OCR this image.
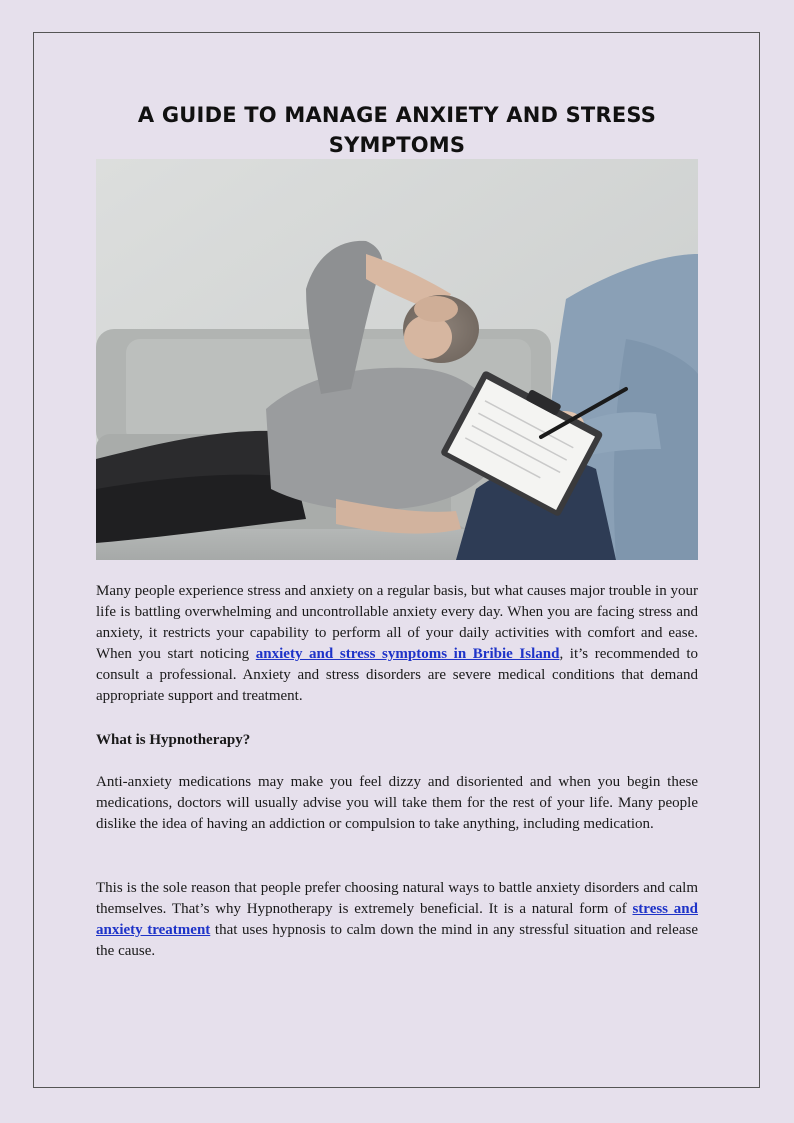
A GUIDE TO MANAGE ANXIETY AND STRESS SYMPTOMS

Many people experience stress and anxiety on a regular basis, but what causes major trouble in your life is battling overwhelming and uncontrollable anxiety every day. When you are facing stress and anxiety, it restricts your capability to perform all of your daily activities with comfort and ease. When you start noticing anxiety and stress symptoms in Bribie Island, it’s recommended to consult a professional. Anxiety and stress disorders are severe medical conditions that demand appropriate support and treatment.

What is Hypnotherapy?

Anti-anxiety medications may make you feel dizzy and disoriented and when you begin these medications, doctors will usually advise you will take them for the rest of your life. Many people dislike the idea of having an addiction or compulsion to take anything, including medication.

This is the sole reason that people prefer choosing natural ways to battle anxiety disorders and calm themselves. That’s why Hypnotherapy is extremely beneficial. It is a natural form of stress and anxiety treatment that uses hypnosis to calm down the mind in any stressful situation and release the cause.
